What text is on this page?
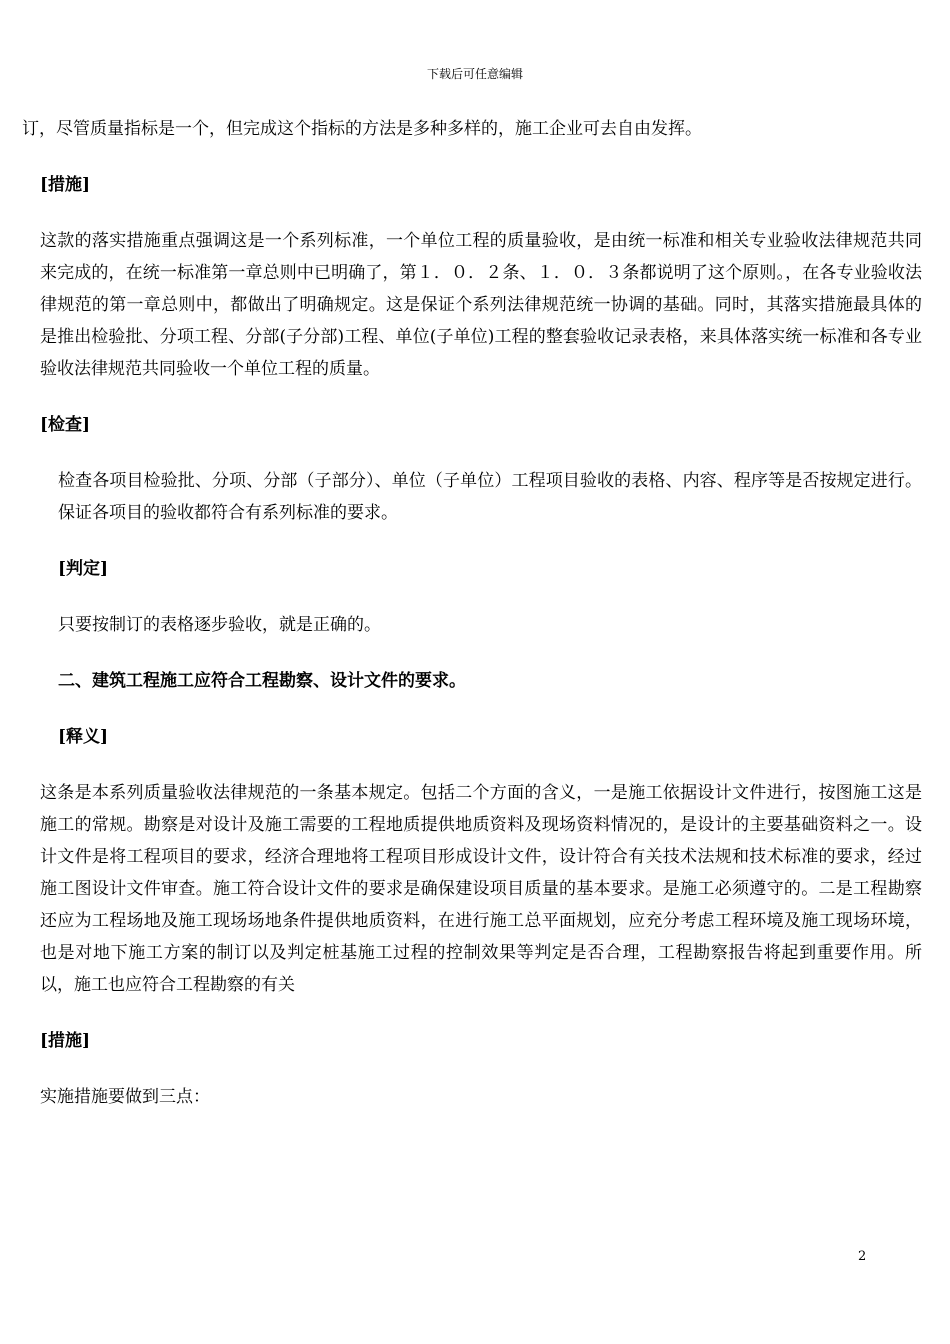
下载后可任意编辑

订，尽管质量指标是一个，但完成这个指标的方法是多种多样的，施工企业可去自由发挥。

[措施]

这款的落实措施重点强调这是一个系列标准，一个单位工程的质量验收，是由统一标准和相关专业验收法律规范共同来完成的，在统一标准第一章总则中已明确了，第１．０．２条、１．０．３条都说明了这个原则。，在各专业验收法律规范的第一章总则中，都做出了明确规定。这是保证个系列法律规范统一协调的基础。同时，其落实措施最具体的是推出检验批、分项工程、分部(子分部)工程、单位(子单位)工程的整套验收记录表格，来具体落实统一标准和各专业验收法律规范共同验收一个单位工程的质量。

[检查]

检查各项目检验批、分项、分部（子部分）、单位（子单位）工程项目验收的表格、内容、程序等是否按规定进行。保证各项目的验收都符合有系列标准的要求。

[判定]

只要按制订的表格逐步验收，就是正确的。

二、建筑工程施工应符合工程勘察、设计文件的要求。

[释义]

这条是本系列质量验收法律规范的一条基本规定。包括二个方面的含义，一是施工依据设计文件进行，按图施工这是施工的常规。勘察是对设计及施工需要的工程地质提供地质资料及现场资料情况的，是设计的主要基础资料之一。设计文件是将工程项目的要求，经济合理地将工程项目形成设计文件，设计符合有关技术法规和技术标准的要求，经过施工图设计文件审查。施工符合设计文件的要求是确保建设项目质量的基本要求。是施工必须遵守的。二是工程勘察还应为工程场地及施工现场场地条件提供地质资料，在进行施工总平面规划，应充分考虑工程环境及施工现场环境，也是对地下施工方案的制订以及判定桩基施工过程的控制效果等判定是否合理，工程勘察报告将起到重要作用。所以，施工也应符合工程勘察的有关

[措施]

实施措施要做到三点：

2
